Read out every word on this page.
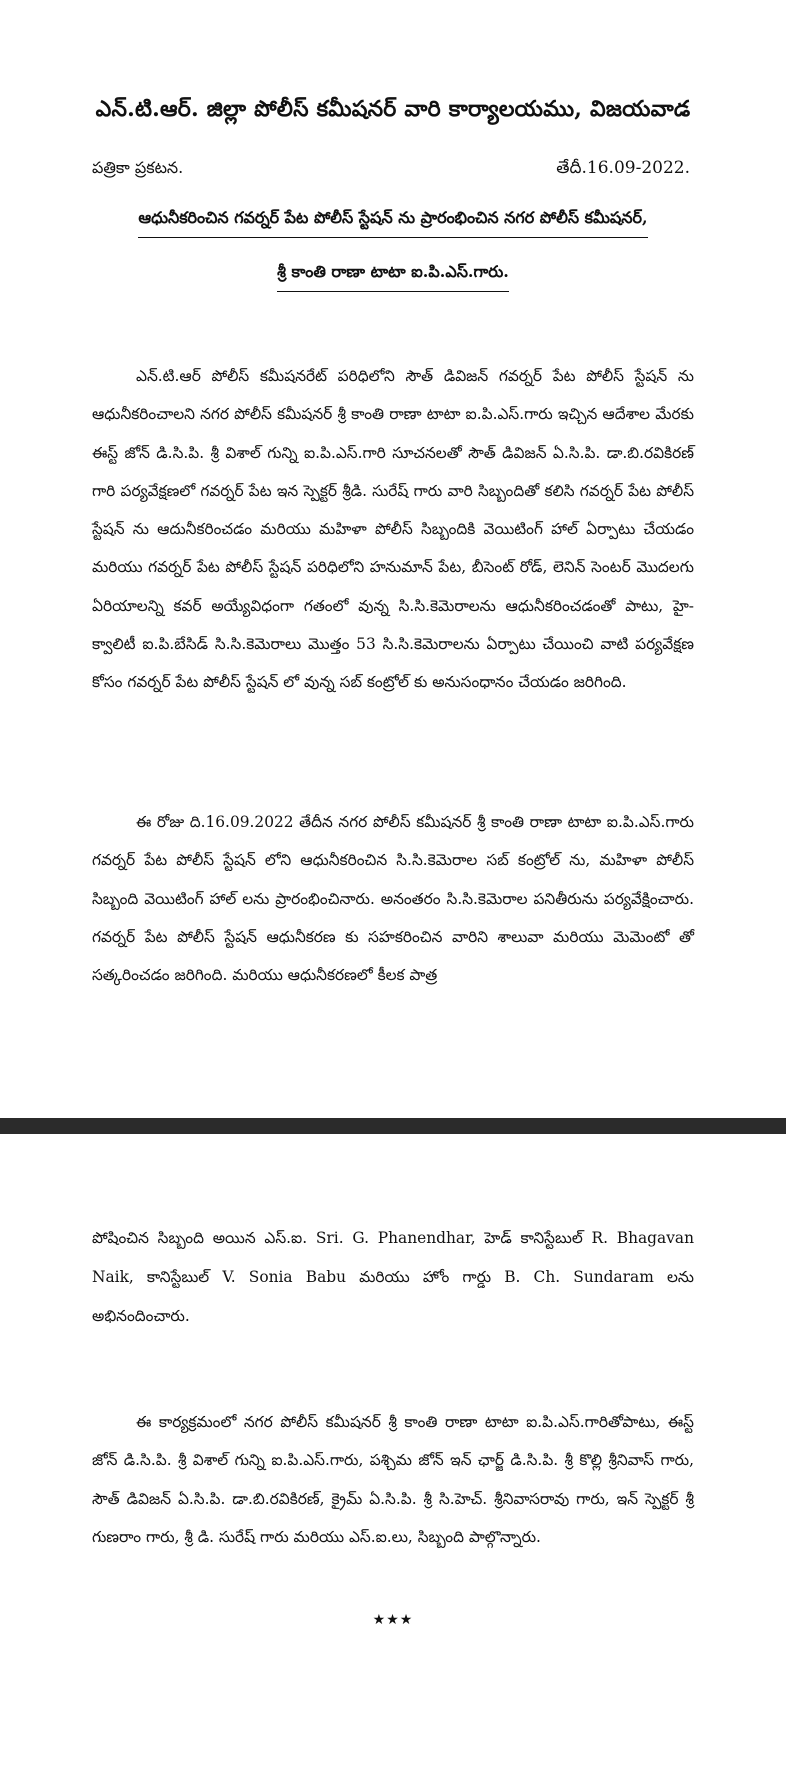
ఎన్.టి.ఆర్. జిల్లా పోలీస్ కమీషనర్ వారి కార్యాలయము, విజయవాడ
పత్రికా ప్రకటన.	తేదీ.16.09-2022.
ఆధునీకరించిన గవర్నర్ పేట పోలీస్ స్టేషన్ ను ప్రారంభించిన నగర పోలీస్ కమీషనర్,
శ్రీ కాంతి రాణా టాటా ఐ.పి.ఎస్.గారు.

ఎన్.టి.ఆర్ పోలీస్ కమీషనరేట్ పరిధిలోని సౌత్ డివిజన్ గవర్నర్ పేట పోలీస్ స్టేషన్ ను ఆధునీకరించాలని నగర పోలీస్ కమీషనర్ శ్రీ కాంతి రాణా టాటా ఐ.పి.ఎస్.గారు ఇచ్చిన ఆదేశాల మేరకు ఈస్ట్ జోన్ డి.సి.పి. శ్రీ విశాల్ గున్ని ఐ.పి.ఎస్.గారి సూచనలతో సౌత్ డివిజన్ ఏ.సి.పి. డా.బి.రవికిరణ్ గారి పర్యవేక్షణలో గవర్నర్ పేట ఇన స్పెక్టర్ శ్రీడి. సురేష్ గారు వారి సిబ్బందితో కలిసి గవర్నర్ పేట పోలీస్ స్టేషన్ ను ఆదునీకరించడం మరియు మహిళా పోలీస్ సిబ్బందికి వెయిటింగ్ హాల్ ఏర్పాటు చేయడం మరియు గవర్నర్ పేట పోలీస్ స్టేషన్ పరిధిలోని హనుమాన్ పేట, బీసెంట్ రోడ్, లెనిన్ సెంటర్ మొదలగు ఏరియాలన్ని కవర్ అయ్యేవిధంగా గతంలో వున్న సి.సి.కెమెరాలను ఆధునీకరించడంతో పాటు, హై-క్వాలిటీ ఐ.పి.బేసిడ్ సి.సి.కెమెరాలు మొత్తం 53 సి.సి.కెమెరాలను ఏర్పాటు చేయించి వాటి పర్యవేక్షణ కోసం గవర్నర్ పేట పోలీస్ స్టేషన్ లో వున్న సబ్ కంట్రోల్ కు అనుసంధానం చేయడం జరిగింది.

ఈ రోజు ది.16.09.2022 తేదీన నగర పోలీస్ కమీషనర్ శ్రీ కాంతి రాణా టాటా ఐ.పి.ఎస్.గారు గవర్నర్ పేట పోలీస్ స్టేషన్ లోని ఆధునీకరించిన సి.సి.కెమెరాల సబ్ కంట్రోల్ ను, మహిళా పోలీస్ సిబ్బంది వెయిటింగ్ హాల్ లను ప్రారంభించినారు. అనంతరం సి.సి.కెమెరాల పనితీరును పర్యవేక్షించారు. గవర్నర్ పేట పోలీస్ స్టేషన్ ఆధునీకరణ కు సహకరించిన వారిని శాలువా మరియు మెమెంటో తో సత్కరించడం జరిగింది. మరియు ఆధునీకరణలో కీలక పాత్ర

పోషించిన సిబ్బంది అయిన ఎస్.ఐ. Sri. G. Phanendhar, హెడ్ కానిస్టేబుల్ R. Bhagavan Naik, కానిస్టేబుల్ V. Sonia Babu మరియు హోం గార్డు B. Ch. Sundaram లను అభినందించారు.

ఈ కార్యక్రమంలో నగర పోలీస్ కమీషనర్ శ్రీ కాంతి రాణా టాటా ఐ.పి.ఎస్.గారితోపాటు, ఈస్ట్ జోన్ డి.సి.పి. శ్రీ విశాల్ గున్ని ఐ.పి.ఎస్.గారు, పశ్చిమ జోన్ ఇన్ ఛార్జ్ డి.సి.పి. శ్రీ కొల్లి శ్రీనివాస్ గారు, సౌత్ డివిజన్ ఏ.సి.పి. డా.బి.రవికిరణ్, క్రైమ్ ఏ.సి.పి. శ్రీ సి.హెచ్. శ్రీనివాసరావు గారు, ఇన్ స్పెక్టర్ శ్రీ గుణరాం గారు, శ్రీ డి. సురేష్ గారు మరియు ఎస్.ఐ.లు, సిబ్బంది పాల్గొన్నారు.

★★★
